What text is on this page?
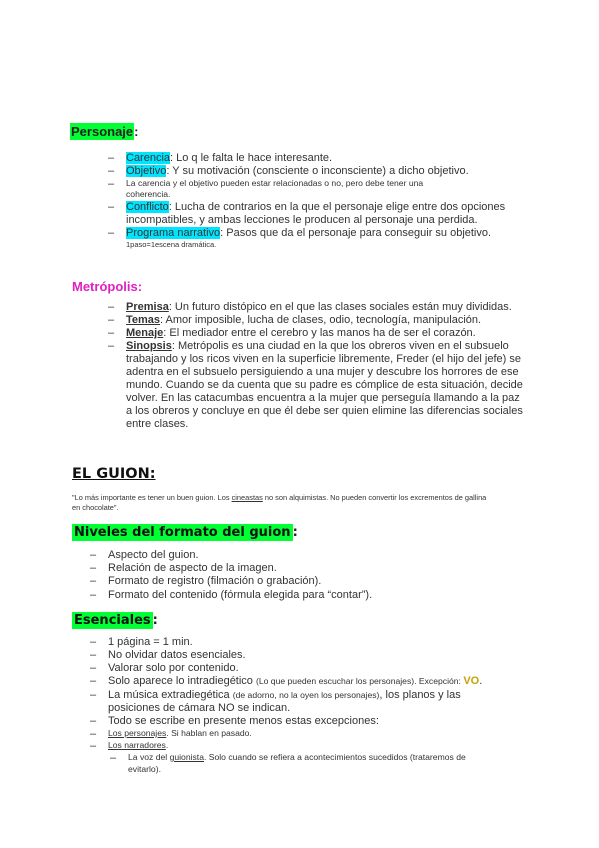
Personaje:
– Carencia: Lo q le falta le hace interesante.
– Objetivo: Y su motivación (consciente o inconsciente) a dicho objetivo.
– La carencia y el objetivo pueden estar relacionadas o no, pero debe tener una
coherencia.
– Conflicto: Lucha de contrarios en la que el personaje elige entre dos opciones
incompatibles, y ambas lecciones le producen al personaje una perdida.
– Programa narrativo: Pasos que da el personaje para conseguir su objetivo.
1paso=1escena dramática.
Metrópolis:
– Premisa: Un futuro distópico en el que las clases sociales están muy divididas.
– Temas: Amor imposible, lucha de clases, odio, tecnología, manipulación.
– Menaje: El mediador entre el cerebro y las manos ha de ser el corazón.
– Sinopsis: Metrópolis es una ciudad en la que los obreros viven en el subsuelo
trabajando y los ricos viven en la superficie libremente, Freder (el hijo del jefe) se
adentra en el subsuelo persiguiendo a una mujer y descubre los horrores de ese
mundo. Cuando se da cuenta que su padre es cómplice de esta situación, decide
volver. En las catacumbas encuentra a la mujer que perseguía llamando a la paz
a los obreros y concluye en que él debe ser quien elimine las diferencias sociales
entre clases.
EL GUION:
"Lo más importante es tener un buen guion. Los cineastas no son alquimistas. No pueden convertir los excrementos de gallina
en chocolate".
Niveles del formato del guion :
– Aspecto del guion.
– Relación de aspecto de la imagen.
– Formato de registro (filmación o grabación).
– Formato del contenido (fórmula elegida para “contar”).
Esenciales :
– 1 página = 1 min.
– No olvidar datos esenciales.
– Valorar solo por contenido.
– Solo aparece lo intradiegético (Lo que pueden escuchar los personajes). Excepción: VO.
– La música extradiegética (de adorno, no la oyen los personajes), los planos y las
posiciones de cámara NO se indican.
– Todo se escribe en presente menos estas excepciones:
– Los personajes. Si hablan en pasado.
– Los narradores.
– La voz del guionista. Solo cuando se refiera a acontecimientos sucedidos (trataremos de
evitarlo).
